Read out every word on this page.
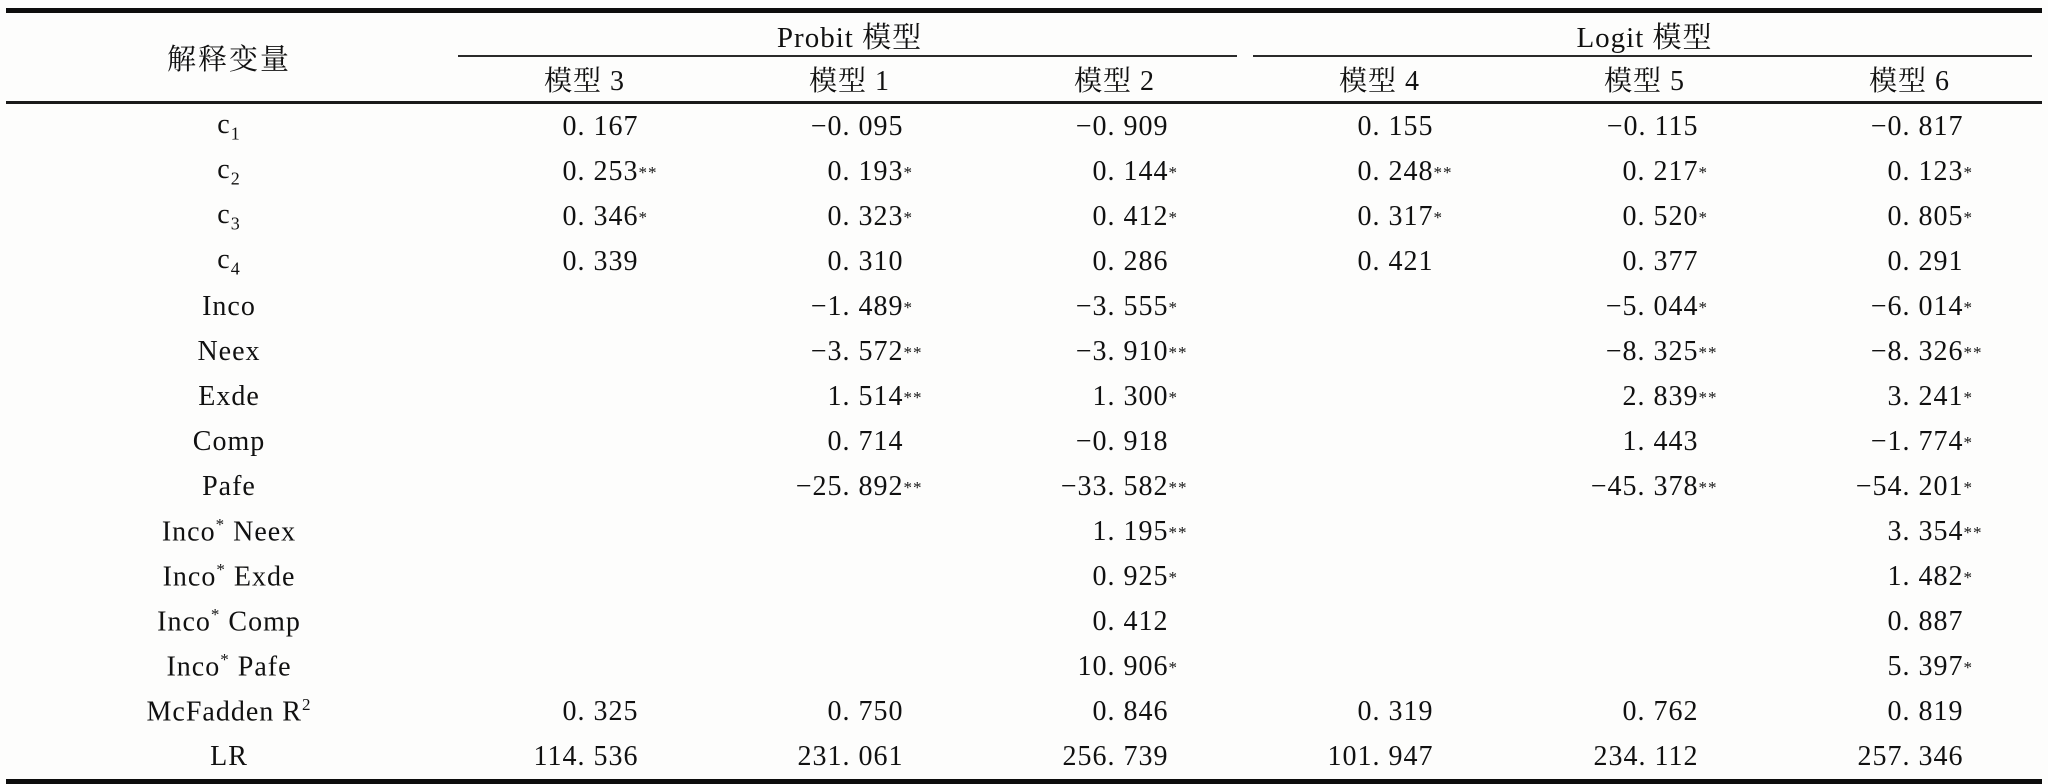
解释变量	Probit 模型			Logit 模型		
	模型 3	模型 1	模型 2	模型 4	模型 5	模型 6
$c_1$	0. 167	−0. 095	−0. 909	0. 155	−0. 115	−0. 817

$c_2$	0. 253**	0. 193*	0. 144*	0. 248**	0. 217*	0. 123*

$c_3$	0. 346*	0. 323*	0. 412*	0. 317*	0. 520*	0. 805*

$c_4$	0. 339	0. 310	0. 286	0. 421	0. 377	0. 291

Inco		−1. 489*	−3. 555*		−5. 044*	−6. 014*

Neex		−3. 572**	−3. 910**		−8. 325**	−8. 326**

Exde		1. 514**	1. 300*		2. 839**	3. 241*

Comp		0. 714	−0. 918		1. 443	−1. 774*

Pafe		−25. 892**	−33. 582**		−45. 378**	−54. 201*

Inco* Neex			1. 195**			3. 354**

Inco* Exde			0. 925*			1. 482*

Inco* Comp			0. 412			0. 887

Inco* Pafe			10. 906*			5. 397*

McFadden $R^2$	0. 325	0. 750	0. 846	0. 319	0. 762	0. 819

LR	114. 536	231. 061	256. 739	101. 947	234. 112	257. 346
